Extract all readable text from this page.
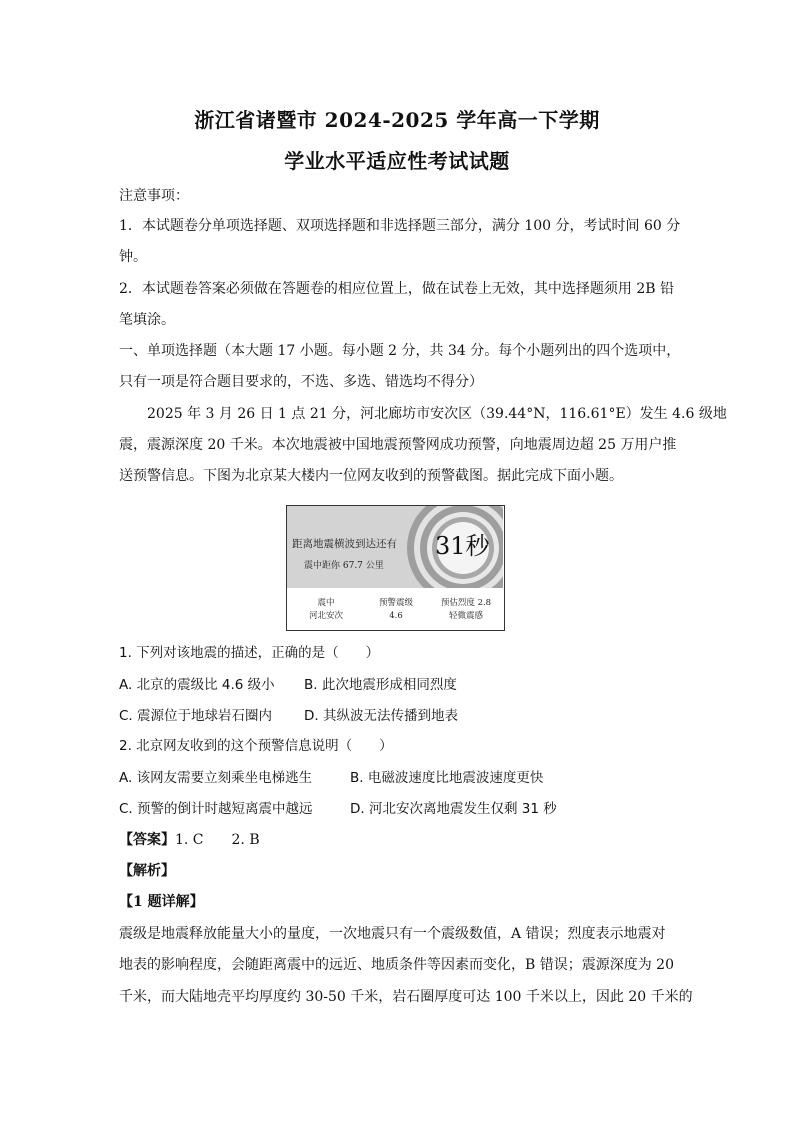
浙江省诸暨市 2024-2025 学年高一下学期
学业水平适应性考试试题
注意事项：
1．本试题卷分单项选择题、双项选择题和非选择题三部分，满分 100 分，考试时间 60 分
钟。
2．本试题卷答案必须做在答题卷的相应位置上，做在试卷上无效，其中选择题须用 2B 铅
笔填涂。
一、单项选择题（本大题 17 小题。每小题 2 分，共 34 分。每个小题列出的四个选项中，
只有一项是符合题目要求的，不选、多选、错选均不得分）
2025 年 3 月 26 日 1 点 21 分，河北廊坊市安次区（39.44°N，116.61°E）发生 4.6 级地
震，震源深度 20 千米。本次地震被中国地震预警网成功预警，向地震周边超 25 万用户推
送预警信息。下图为北京某大楼内一位网友收到的预警截图。据此完成下面小题。
距离地震横波到达还有
震中距你 67.7 公里
31秒
震中
河北安次
预警震级
4.6
预估烈度 2.8
轻微震感
1. 下列对该地震的描述，正确的是（　　）
A. 北京的震级比 4.6 级小 B. 此次地震形成相同烈度
C. 震源位于地球岩石圈内 D. 其纵波无法传播到地表
2. 北京网友收到的这个预警信息说明（　　）
A. 该网友需要立刻乘坐电梯逃生	B. 电磁波速度比地震波速度更快
C. 预警的倒计时越短离震中越远	D. 河北安次离地震发生仅剩 31 秒
【答案】1. C　　2. B
【解析】
【1 题详解】
震级是地震释放能量大小的量度，一次地震只有一个震级数值，A 错误；烈度表示地震对
地表的影响程度，会随距离震中的远近、地质条件等因素而变化，B 错误；震源深度为 20
千米，而大陆地壳平均厚度约 30-50 千米，岩石圈厚度可达 100 千米以上，因此 20 千米的
